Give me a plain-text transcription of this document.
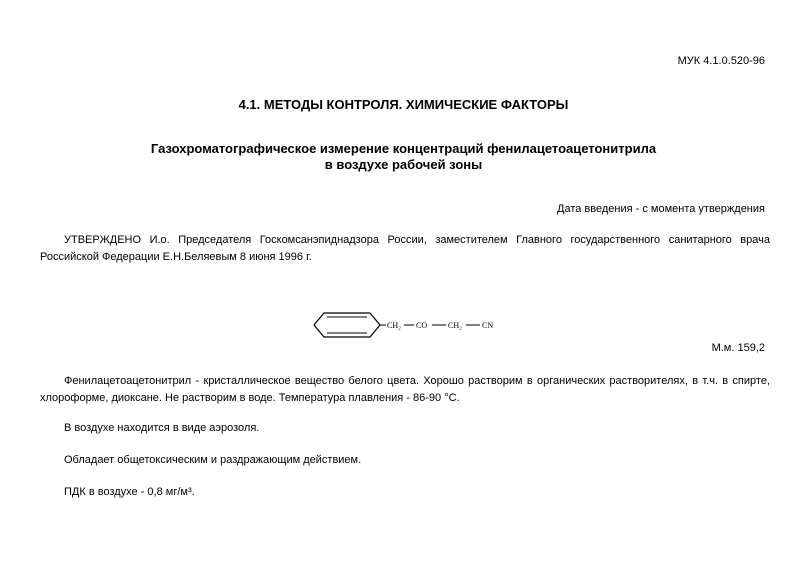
МУК 4.1.0.520-96
4.1. МЕТОДЫ КОНТРОЛЯ. ХИМИЧЕСКИЕ ФАКТОРЫ
Газохроматографическое измерение концентраций фенилацетоацетонитрила
в воздухе рабочей зоны
Дата введения - с момента утверждения
УТВЕРЖДЕНО И.о. Председателя Госкомсанэпиднадзора России, заместителем Главного государственного санитарного врача Российской Федерации Е.Н.Беляевым 8 июня 1996 г.
CH₂ CO	CH₂	CN
М.м. 159,2
Фенилацетоацетонитрил - кристаллическое вещество белого цвета. Хорошо растворим в органических растворителях, в т.ч. в спирте, хлороформе, диоксане. Не растворим в воде. Температура плавления - 86-90 °С.
В воздухе находится в виде аэрозоля.
Обладает общетоксическим и раздражающим действием.
ПДК в воздухе - 0,8 мг/м³.
